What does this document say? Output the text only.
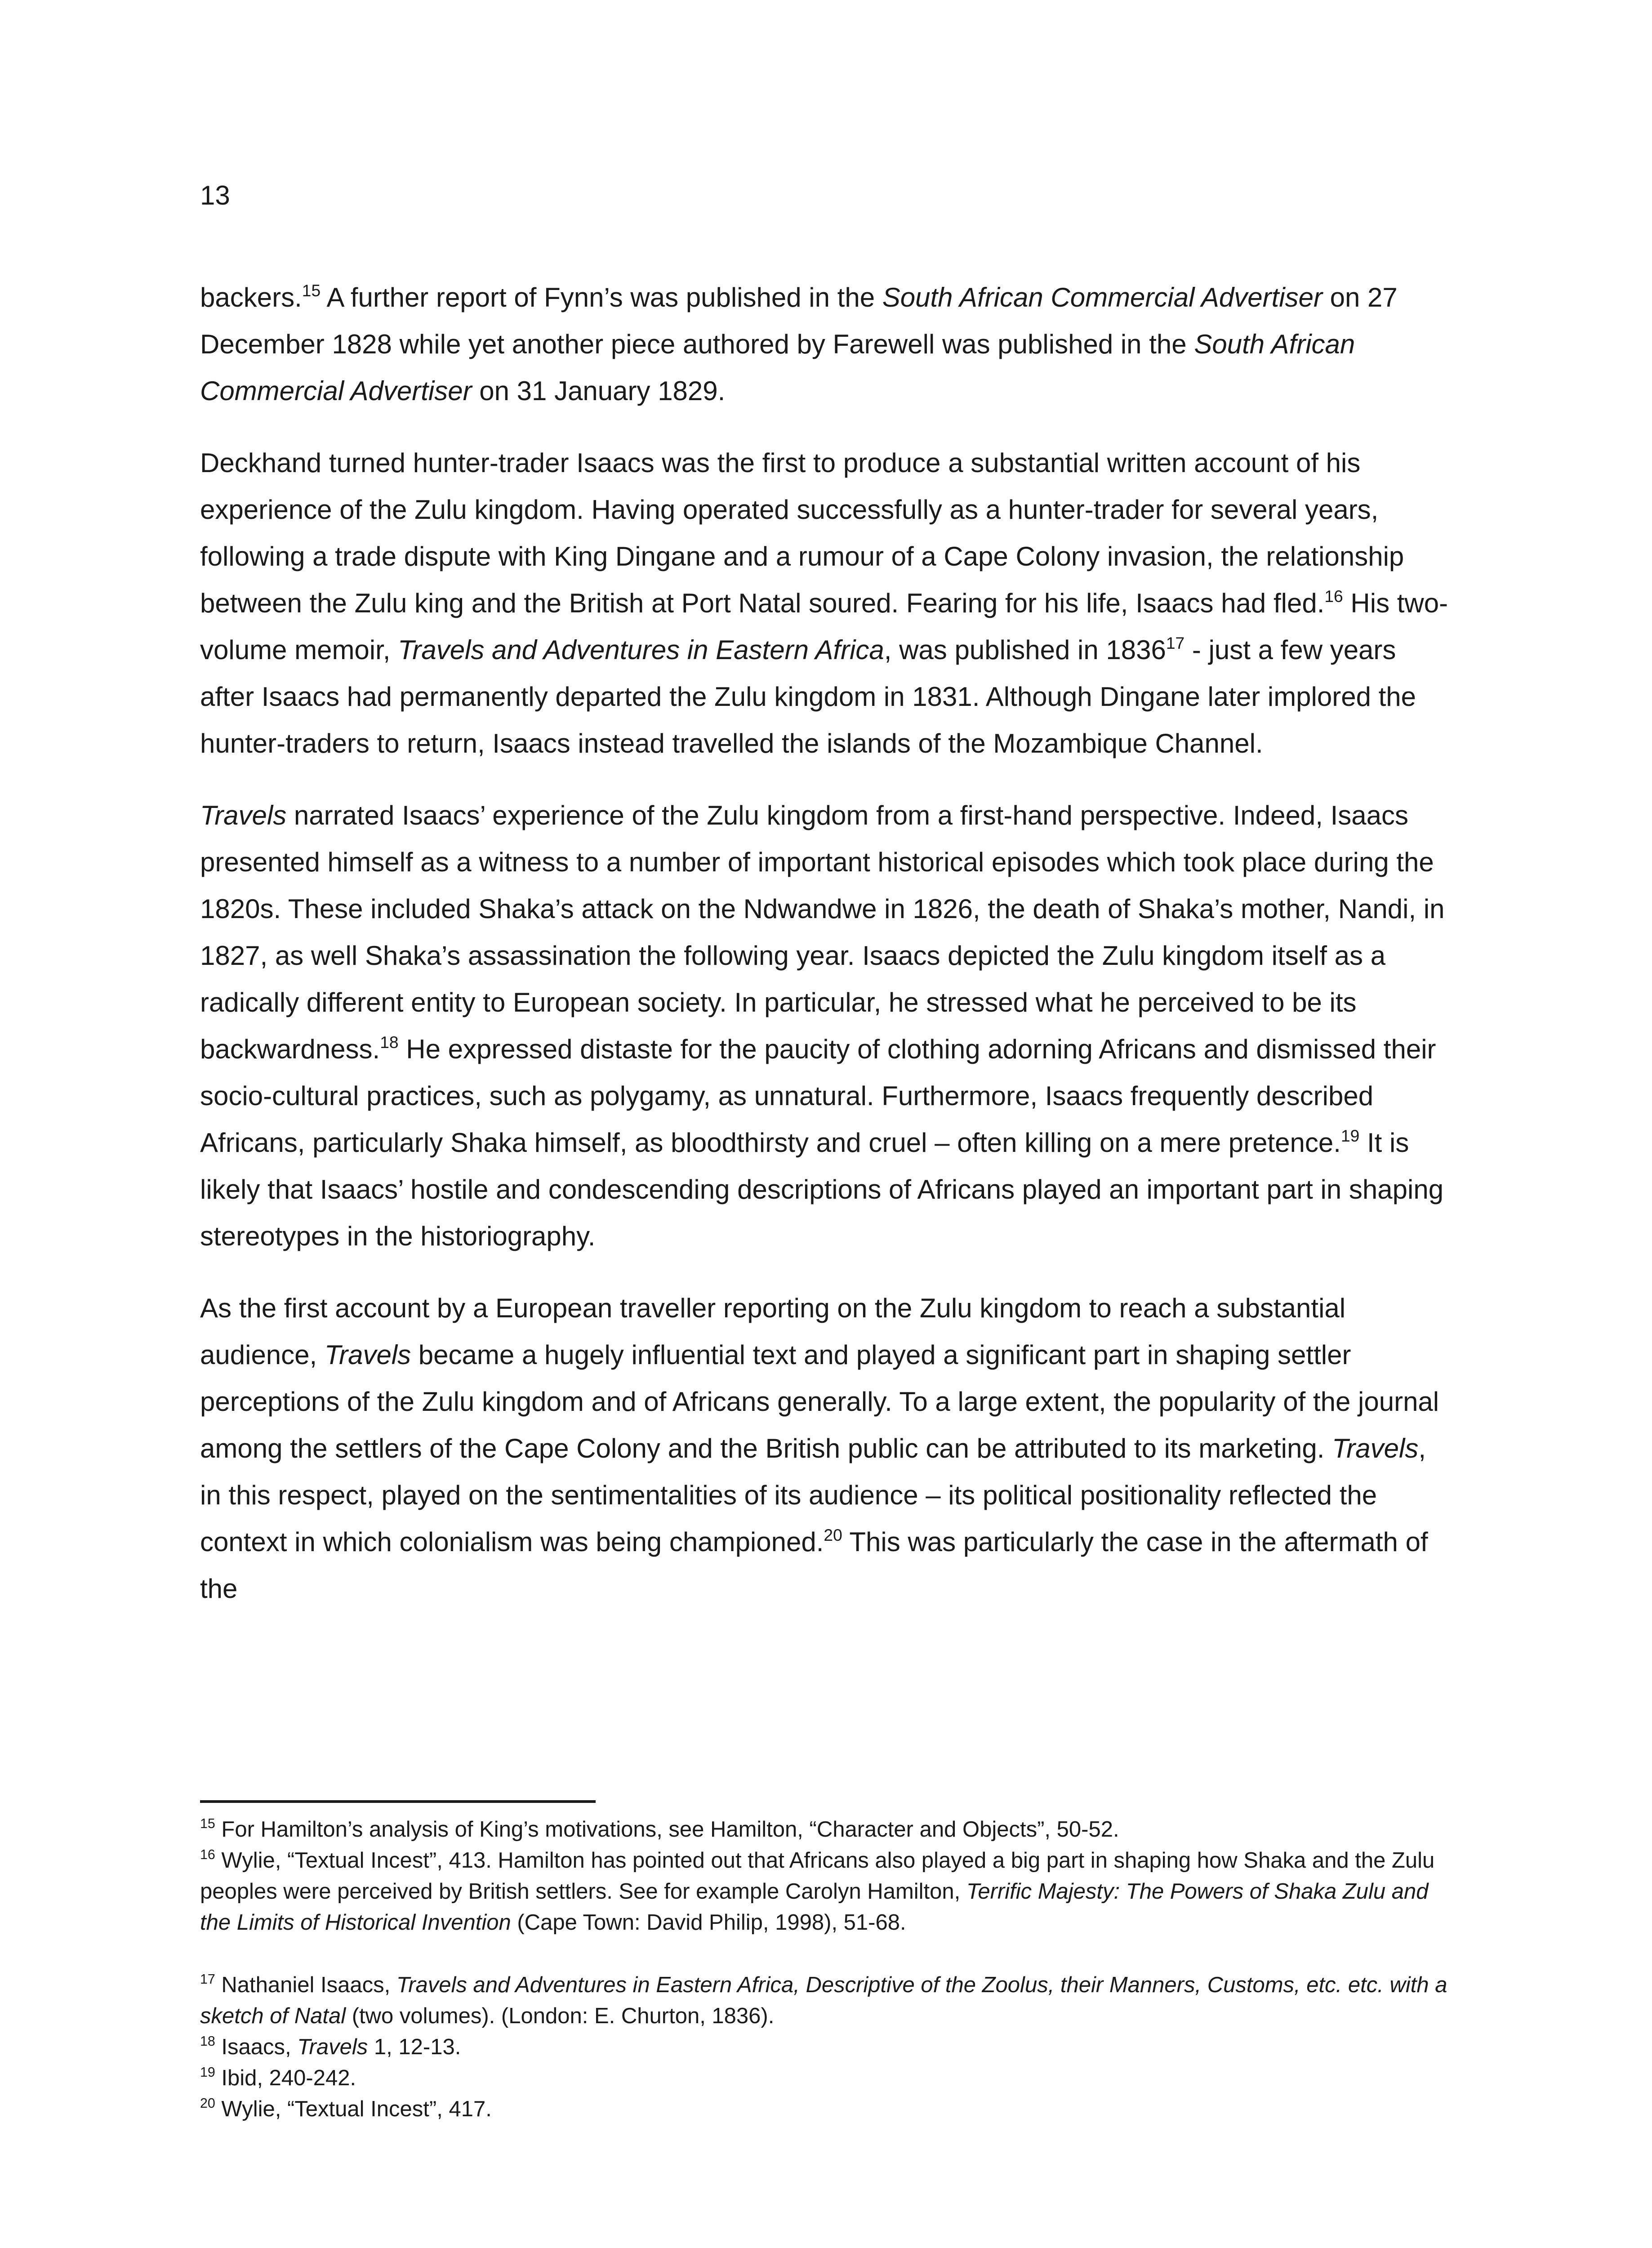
13

backers.$^{15}$ A further report of Fynn’s was published in the South African Commercial Advertiser on 27 December 1828 while yet another piece authored by Farewell was published in the South African Commercial Advertiser on 31 January 1829.

Deckhand turned hunter-trader Isaacs was the first to produce a substantial written account of his experience of the Zulu kingdom. Having operated successfully as a hunter-trader for several years, following a trade dispute with King Dingane and a rumour of a Cape Colony invasion, the relationship between the Zulu king and the British at Port Natal soured. Fearing for his life, Isaacs had fled.$^{16}$ His two-volume memoir, Travels and Adventures in Eastern Africa, was published in 1836$^{17}$ - just a few years after Isaacs had permanently departed the Zulu kingdom in 1831. Although Dingane later implored the hunter-traders to return, Isaacs instead travelled the islands of the Mozambique Channel.

Travels narrated Isaacs’ experience of the Zulu kingdom from a first-hand perspective. Indeed, Isaacs presented himself as a witness to a number of important historical episodes which took place during the 1820s. These included Shaka’s attack on the Ndwandwe in 1826, the death of Shaka’s mother, Nandi, in 1827, as well Shaka’s assassination the following year. Isaacs depicted the Zulu kingdom itself as a radically different entity to European society. In particular, he stressed what he perceived to be its backwardness.$^{18}$ He expressed distaste for the paucity of clothing adorning Africans and dismissed their socio-cultural practices, such as polygamy, as unnatural. Furthermore, Isaacs frequently described Africans, particularly Shaka himself, as bloodthirsty and cruel – often killing on a mere pretence.$^{19}$ It is likely that Isaacs’ hostile and condescending descriptions of Africans played an important part in shaping stereotypes in the historiography.

As the first account by a European traveller reporting on the Zulu kingdom to reach a substantial audience, Travels became a hugely influential text and played a significant part in shaping settler perceptions of the Zulu kingdom and of Africans generally. To a large extent, the popularity of the journal among the settlers of the Cape Colony and the British public can be attributed to its marketing. Travels, in this respect, played on the sentimentalities of its audience – its political positionality reflected the context in which colonialism was being championed.$^{20}$ This was particularly the case in the aftermath of the

$^{15}$ For Hamilton’s analysis of King’s motivations, see Hamilton, “Character and Objects”, 50-52.

$^{16}$ Wylie, “Textual Incest”, 413. Hamilton has pointed out that Africans also played a big part in shaping how Shaka and the Zulu peoples were perceived by British settlers. See for example Carolyn Hamilton, Terrific Majesty: The Powers of Shaka Zulu and the Limits of Historical Invention (Cape Town: David Philip, 1998), 51-68.

$^{17}$ Nathaniel Isaacs, Travels and Adventures in Eastern Africa, Descriptive of the Zoolus, their Manners, Customs, etc. etc. with a sketch of Natal (two volumes). (London: E. Churton, 1836).

$^{18}$ Isaacs, Travels 1, 12-13.

$^{19}$ Ibid, 240-242.

$^{20}$ Wylie, “Textual Incest”, 417.
